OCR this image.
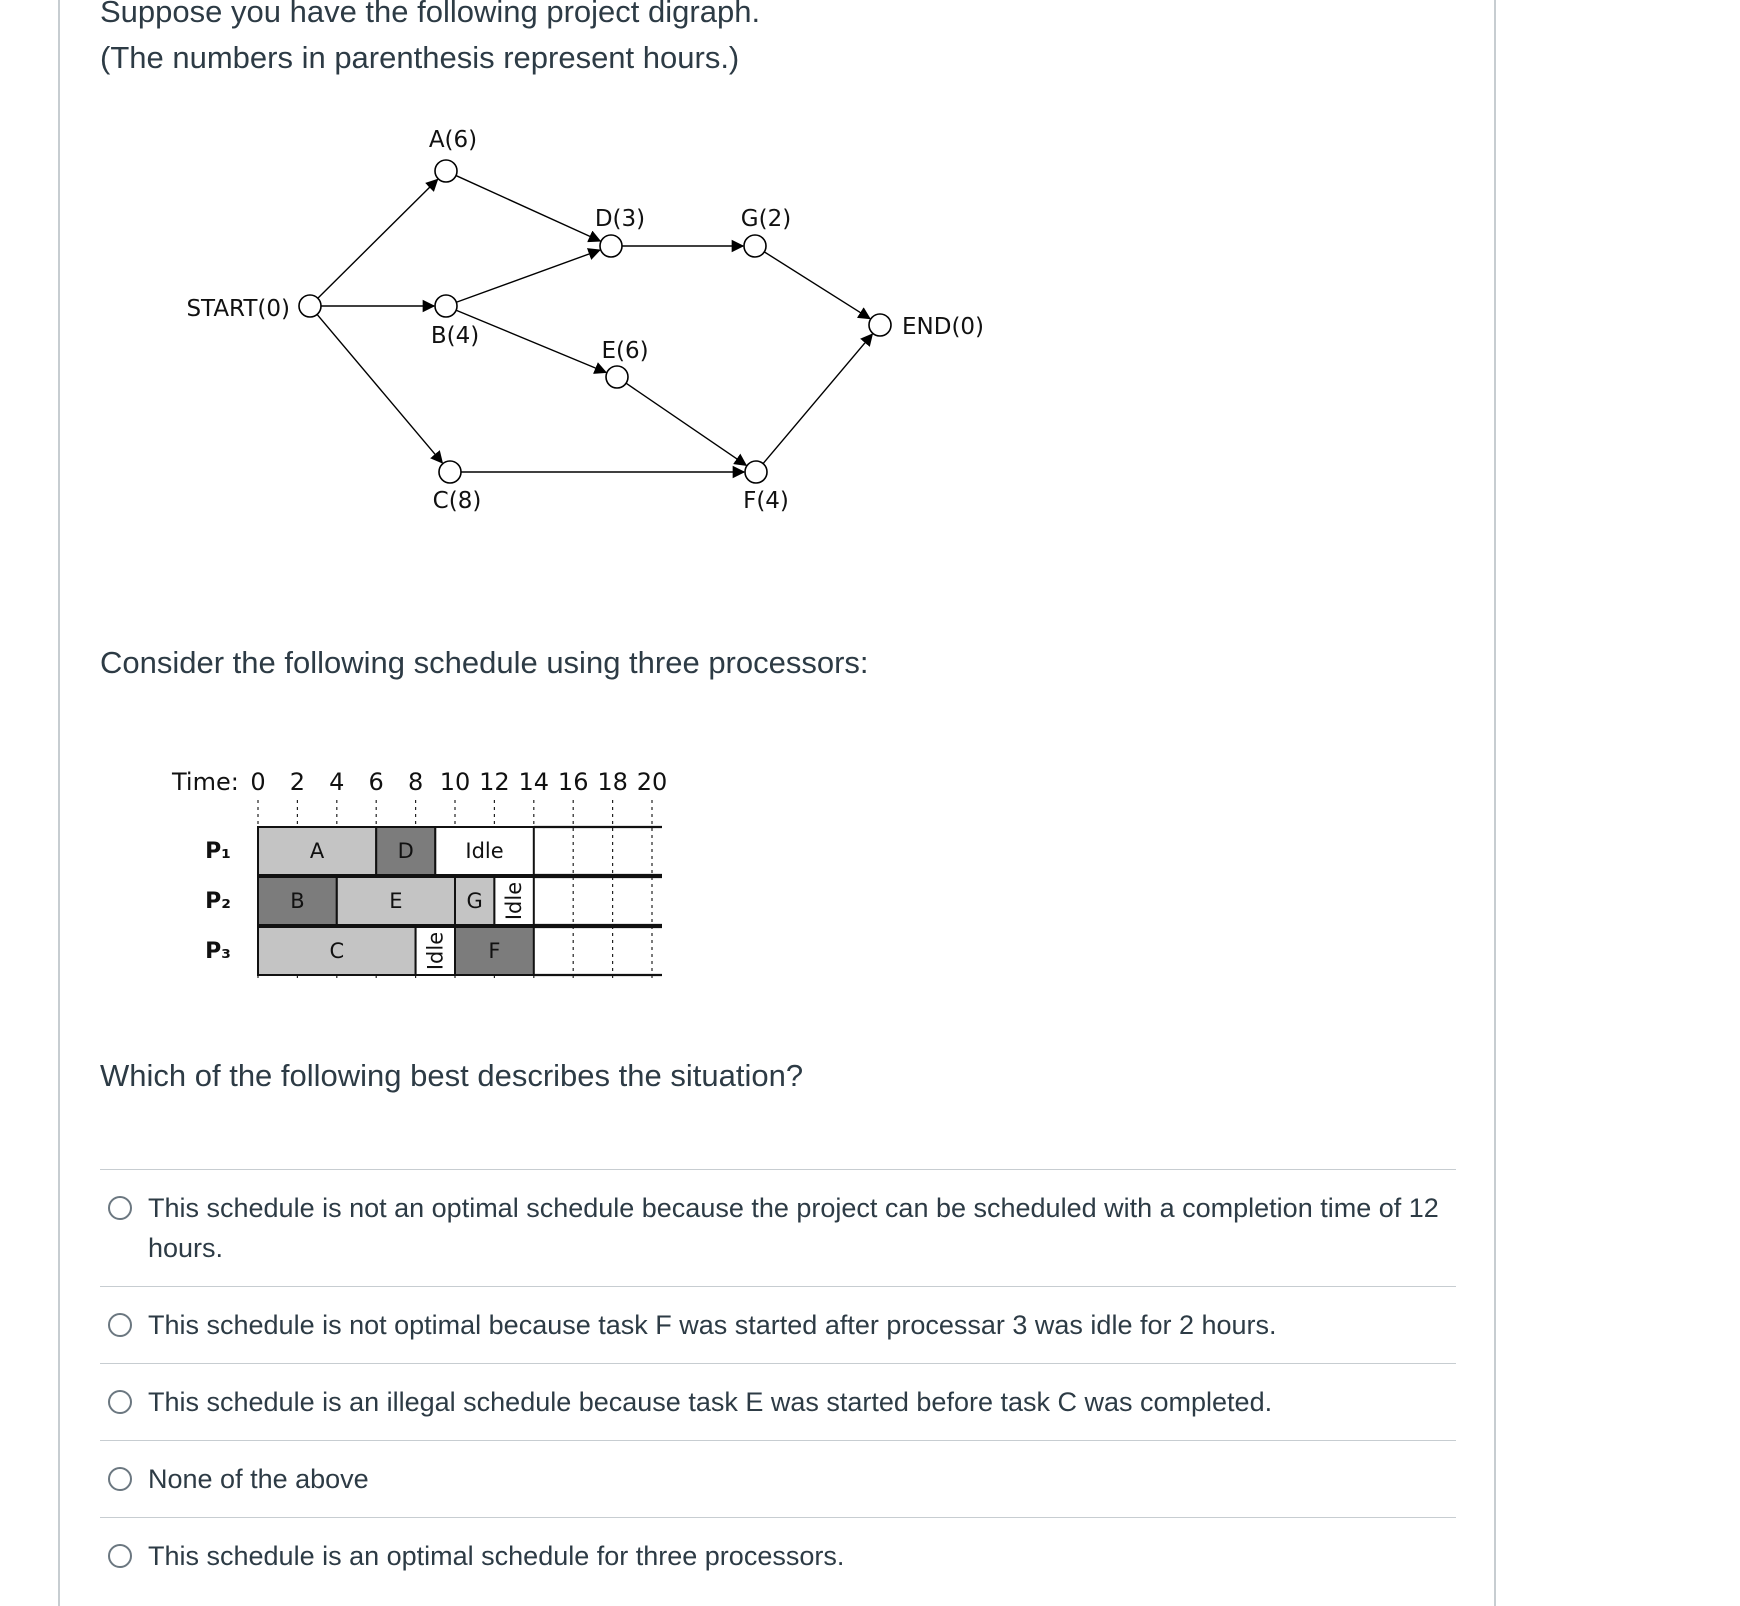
Suppose you have the following project digraph.
(The numbers in parenthesis represent hours.)
START(0)
A(6)
B(4)
C(8)
D(3)
E(6)
F(4)
G(2)
END(0)
Consider the following schedule using three processors:
Time: 0 2 4 6 8 10 12 14 16 18 20
P₁	A	D Idle
P₂	B	E	G Idle
P₃	C	Idle F
Which of the following best describes the situation?
This schedule is not an optimal schedule because the project can be scheduled with a completion time of 12 hours.
This schedule is not optimal because task F was started after processar 3 was idle for 2 hours.
This schedule is an illegal schedule because task E was started before task C was completed.
None of the above
This schedule is an optimal schedule for three processors.
